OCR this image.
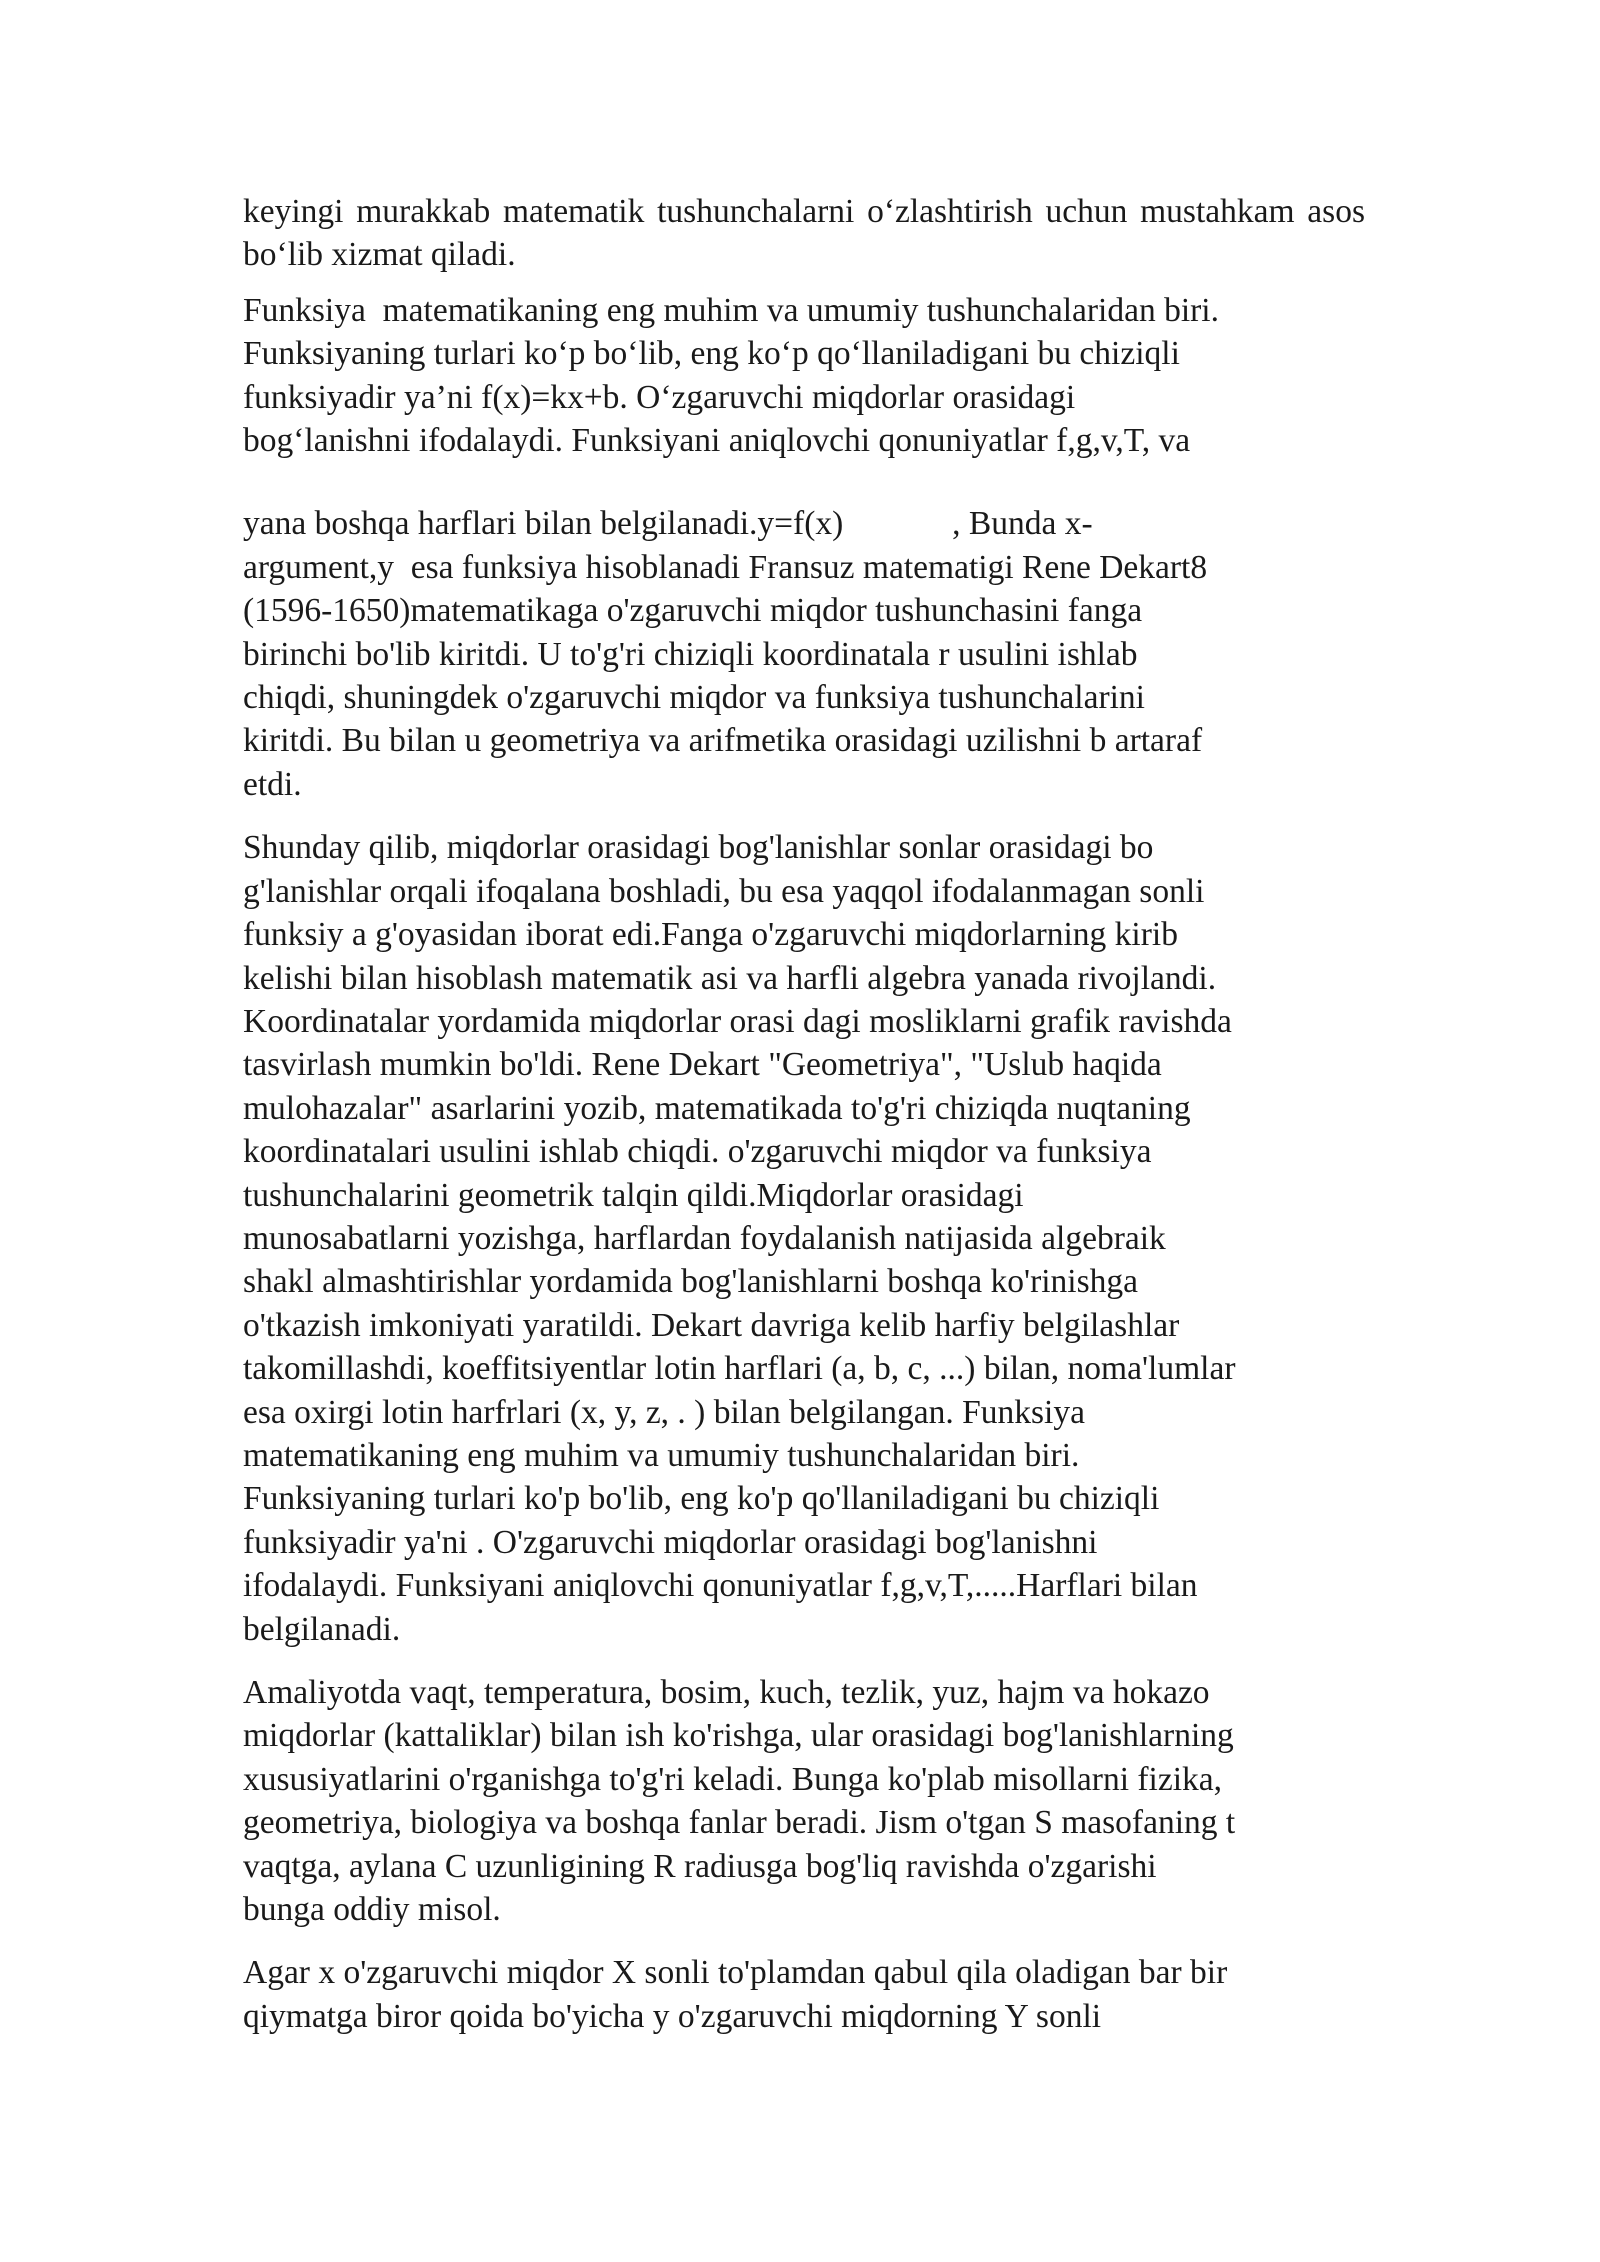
keyingi murakkab matematik tushunchalarni o‘zlashtirish uchun mustahkam asos bo‘lib xizmat qiladi.

Funksiya  matematikaning eng muhim va umumiy tushunchalaridan biri.
Funksiyaning turlari ko‘p bo‘lib, eng ko‘p qo‘llaniladigani bu chiziqli
funksiyadir ya’ni f(x)=kx+b. O‘zgaruvchi miqdorlar orasidagi
bog‘lanishni ifodalaydi. Funksiyani aniqlovchi qonuniyatlar f,g,v,T, va

yana boshqa harflari bilan belgilanadi.y=f(x)             , Bunda x-
argument,y  esa funksiya hisoblanadi Fransuz matematigi Rene Dekart8
(1596-1650)matematikaga o'zgaruvchi miqdor tushunchasini fanga
birinchi bo'lib kiritdi. U to'g'ri chiziqli koordinatala r usulini ishlab
chiqdi, shuningdek o'zgaruvchi miqdor va funksiya tushunchalarini
kiritdi. Bu bilan u geometriya va arifmetika orasidagi uzilishni b artaraf
etdi.

Shunday qilib, miqdorlar orasidagi bog'lanishlar sonlar orasidagi bo
g'lanishlar orqali ifoqalana boshladi, bu esa yaqqol ifodalanmagan sonli
funksiy a g'oyasidan iborat edi.Fanga o'zgaruvchi miqdorlarning kirib
kelishi bilan hisoblash matematik asi va harfli algebra yanada rivojlandi.
Koordinatalar yordamida miqdorlar orasi dagi mosliklarni grafik ravishda
tasvirlash mumkin bo'ldi. Rene Dekart "Geometriya", "Uslub haqida
mulohazalar" asarlarini yozib, matematikada to'g'ri chiziqda nuqtaning
koordinatalari usulini ishlab chiqdi. o'zgaruvchi miqdor va funksiya
tushunchalarini geometrik talqin qildi.Miqdorlar orasidagi
munosabatlarni yozishga, harflardan foydalanish natijasida algebraik
shakl almashtirishlar yordamida bog'lanishlarni boshqa ko'rinishga
o'tkazish imkoniyati yaratildi. Dekart davriga kelib harfiy belgilashlar
takomillashdi, koeffitsiyentlar lotin harflari (a, b, c, ...) bilan, noma'lumlar
esa oxirgi lotin harfrlari (x, y, z, . ) bilan belgilangan. Funksiya
matematikaning eng muhim va umumiy tushunchalaridan biri.
Funksiyaning turlari ko'p bo'lib, eng ko'p qo'llaniladigani bu chiziqli
funksiyadir ya'ni . O'zgaruvchi miqdorlar orasidagi bog'lanishni
ifodalaydi. Funksiyani aniqlovchi qonuniyatlar f,g,v,T,.....Harflari bilan
belgilanadi.

Amaliyotda vaqt, temperatura, bosim, kuch, tezlik, yuz, hajm va hokazo
miqdorlar (kattaliklar) bilan ish ko'rishga, ular orasidagi bog'lanishlarning
xususiyatlarini o'rganishga to'g'ri keladi. Bunga ko'plab misollarni fizika,
geometriya, biologiya va boshqa fanlar beradi. Jism o'tgan S masofaning t
vaqtga, aylana C uzunligining R radiusga bog'liq ravishda o'zgarishi
bunga oddiy misol.

Agar x o'zgaruvchi miqdor X sonli to'plamdan qabul qila oladigan bar bir
qiymatga biror qoida bo'yicha y o'zgaruvchi miqdorning Y sonli
